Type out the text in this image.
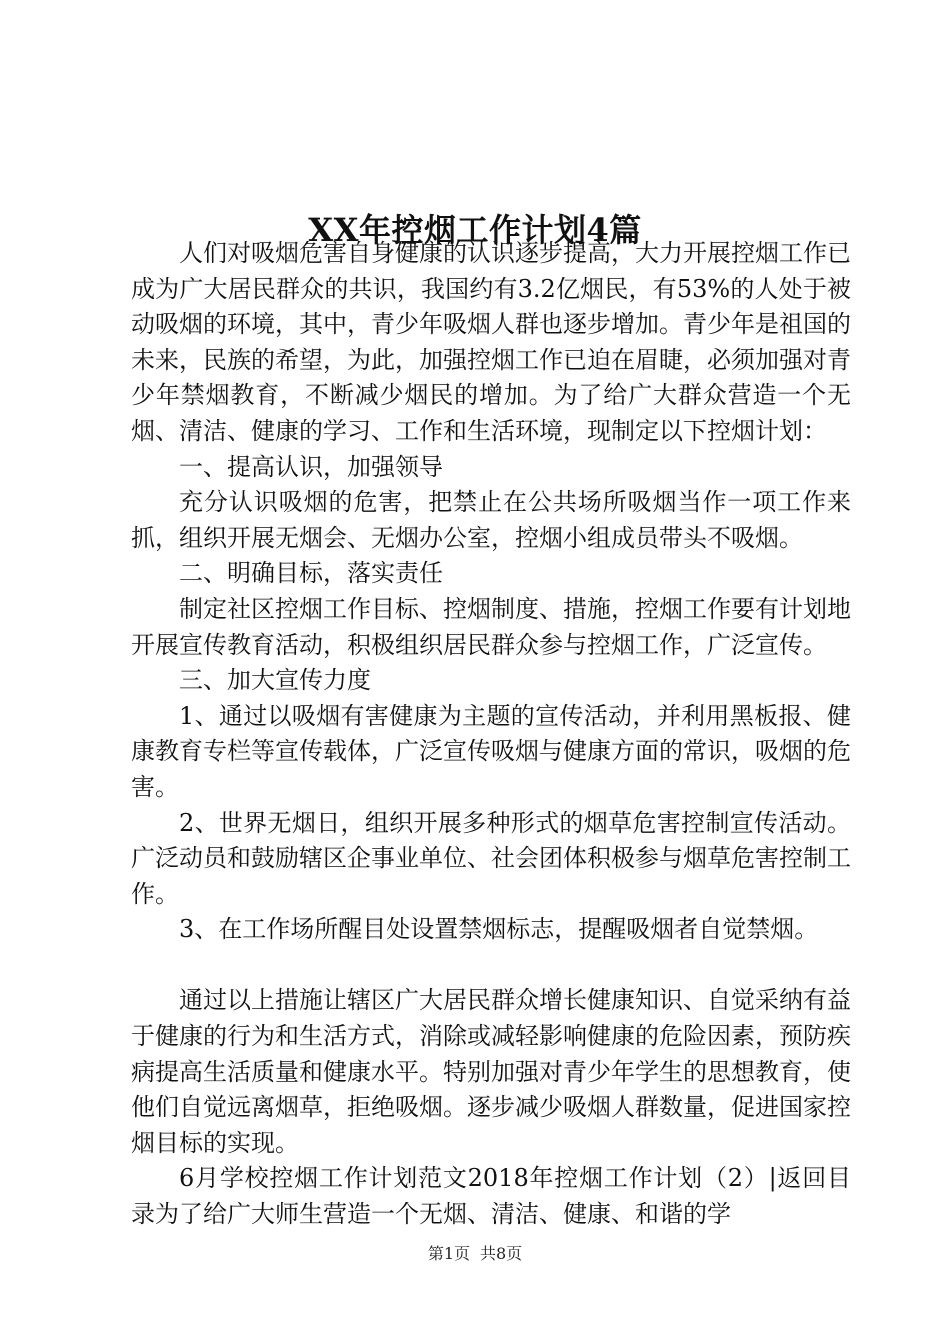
XX年控烟工作计划4篇

人们对吸烟危害自身健康的认识逐步提高，大力开展控烟工作已成为广大居民群众的共识，我国约有3.2亿烟民，有53%的人处于被动吸烟的环境，其中，青少年吸烟人群也逐步增加。青少年是祖国的未来，民族的希望，为此，加强控烟工作已迫在眉睫，必须加强对青少年禁烟教育，不断减少烟民的增加。为了给广大群众营造一个无烟、清洁、健康的学习、工作和生活环境，现制定以下控烟计划：

一、提高认识，加强领导

充分认识吸烟的危害，把禁止在公共场所吸烟当作一项工作来抓，组织开展无烟会、无烟办公室，控烟小组成员带头不吸烟。

二、明确目标，落实责任

制定社区控烟工作目标、控烟制度、措施，控烟工作要有计划地开展宣传教育活动，积极组织居民群众参与控烟工作，广泛宣传。

三、加大宣传力度

1、通过以吸烟有害健康为主题的宣传活动，并利用黑板报、健康教育专栏等宣传载体，广泛宣传吸烟与健康方面的常识，吸烟的危害。

2、世界无烟日，组织开展多种形式的烟草危害控制宣传活动。广泛动员和鼓励辖区企事业单位、社会团体积极参与烟草危害控制工作。

3、在工作场所醒目处设置禁烟标志，提醒吸烟者自觉禁烟。

通过以上措施让辖区广大居民群众增长健康知识、自觉采纳有益于健康的行为和生活方式，消除或减轻影响健康的危险因素，预防疾病提高生活质量和健康水平。特别加强对青少年学生的思想教育，使他们自觉远离烟草，拒绝吸烟。逐步减少吸烟人群数量，促进国家控烟目标的实现。

6月学校控烟工作计划范文2018年控烟工作计划（2）|返回目录为了给广大师生营造一个无烟、清洁、健康、和谐的学

第1页 共8页
